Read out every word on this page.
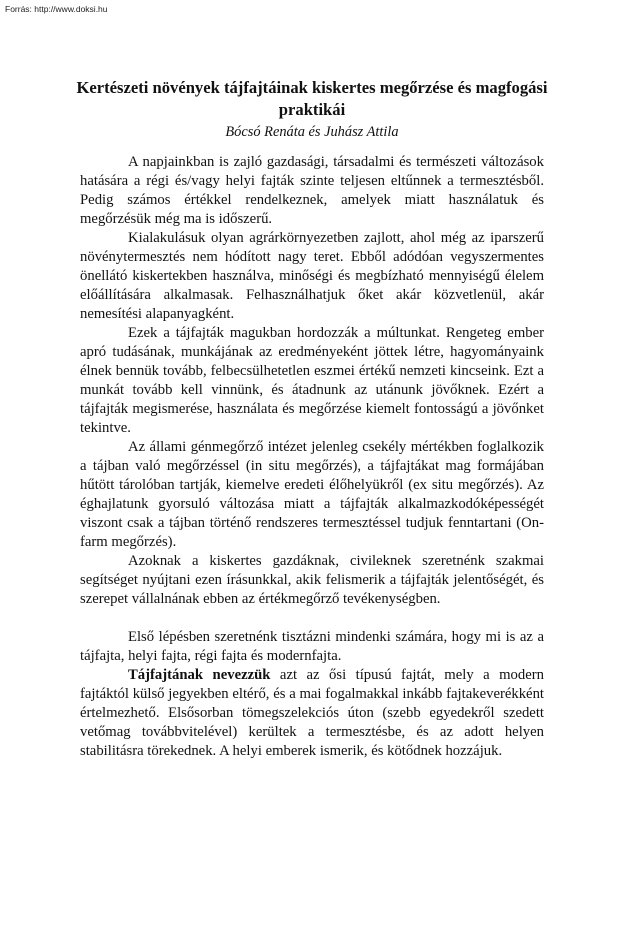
Forrás: http://www.doksi.hu
Kertészeti növények tájfajtáinak kiskertes megőrzése és magfogási praktikái
Bócsó Renáta és Juhász Attila

A napjainkban is zajló gazdasági, társadalmi és természeti változások hatására a régi és/vagy helyi fajták szinte teljesen eltűnnek a termesztésből. Pedig számos értékkel rendelkeznek, amelyek miatt használatuk és megőrzésük még ma is időszerű.

Kialakulásuk olyan agrárkörnyezetben zajlott, ahol még az iparszerű növénytermesztés nem hódított nagy teret. Ebből adódóan vegyszermentes önellátó kiskertekben használva, minőségi és megbízható mennyiségű élelem előállítására alkalmasak. Felhasználhatjuk őket akár közvetlenül, akár nemesítési alapanyagként.

Ezek a tájfajták magukban hordozzák a múltunkat. Rengeteg ember apró tudásának, munkájának az eredményeként jöttek létre, hagyományaink élnek bennük tovább, felbecsülhetetlen eszmei értékű nemzeti kincseink. Ezt a munkát tovább kell vinnünk, és átadnunk az utánunk jövőknek. Ezért a tájfajták megismerése, használata és megőrzése kiemelt fontosságú a jövőnket tekintve.

Az állami génmegőrző intézet jelenleg csekély mértékben foglalkozik a tájban való megőrzéssel (in situ megőrzés), a tájfajtákat mag formájában hűtött tárolóban tartják, kiemelve eredeti élőhelyükről (ex situ megőrzés). Az éghajlatunk gyorsuló változása miatt a tájfajták alkalmazkodóképességét viszont csak a tájban történő rendszeres termesztéssel tudjuk fenntartani (On-farm megőrzés).

Azoknak a kiskertes gazdáknak, civileknek szeretnénk szakmai segítséget nyújtani ezen írásunkkal, akik felismerik a tájfajták jelentőségét, és szerepet vállalnának ebben az értékmegőrző tevékenységben.

Első lépésben szeretnénk tisztázni mindenki számára, hogy mi is az a tájfajta, helyi fajta, régi fajta és modernfajta.

Tájfajtának nevezzük azt az ősi típusú fajtát, mely a modern fajtáktól külső jegyekben eltérő, és a mai fogalmakkal inkább fajtakeverékként értelmezhető. Elsősorban tömegszelekciós úton (szebb egyedekről szedett vetőmag továbbvitelével) kerültek a termesztésbe, és az adott helyen stabilitásra törekednek. A helyi emberek ismerik, és kötődnek hozzájuk.
